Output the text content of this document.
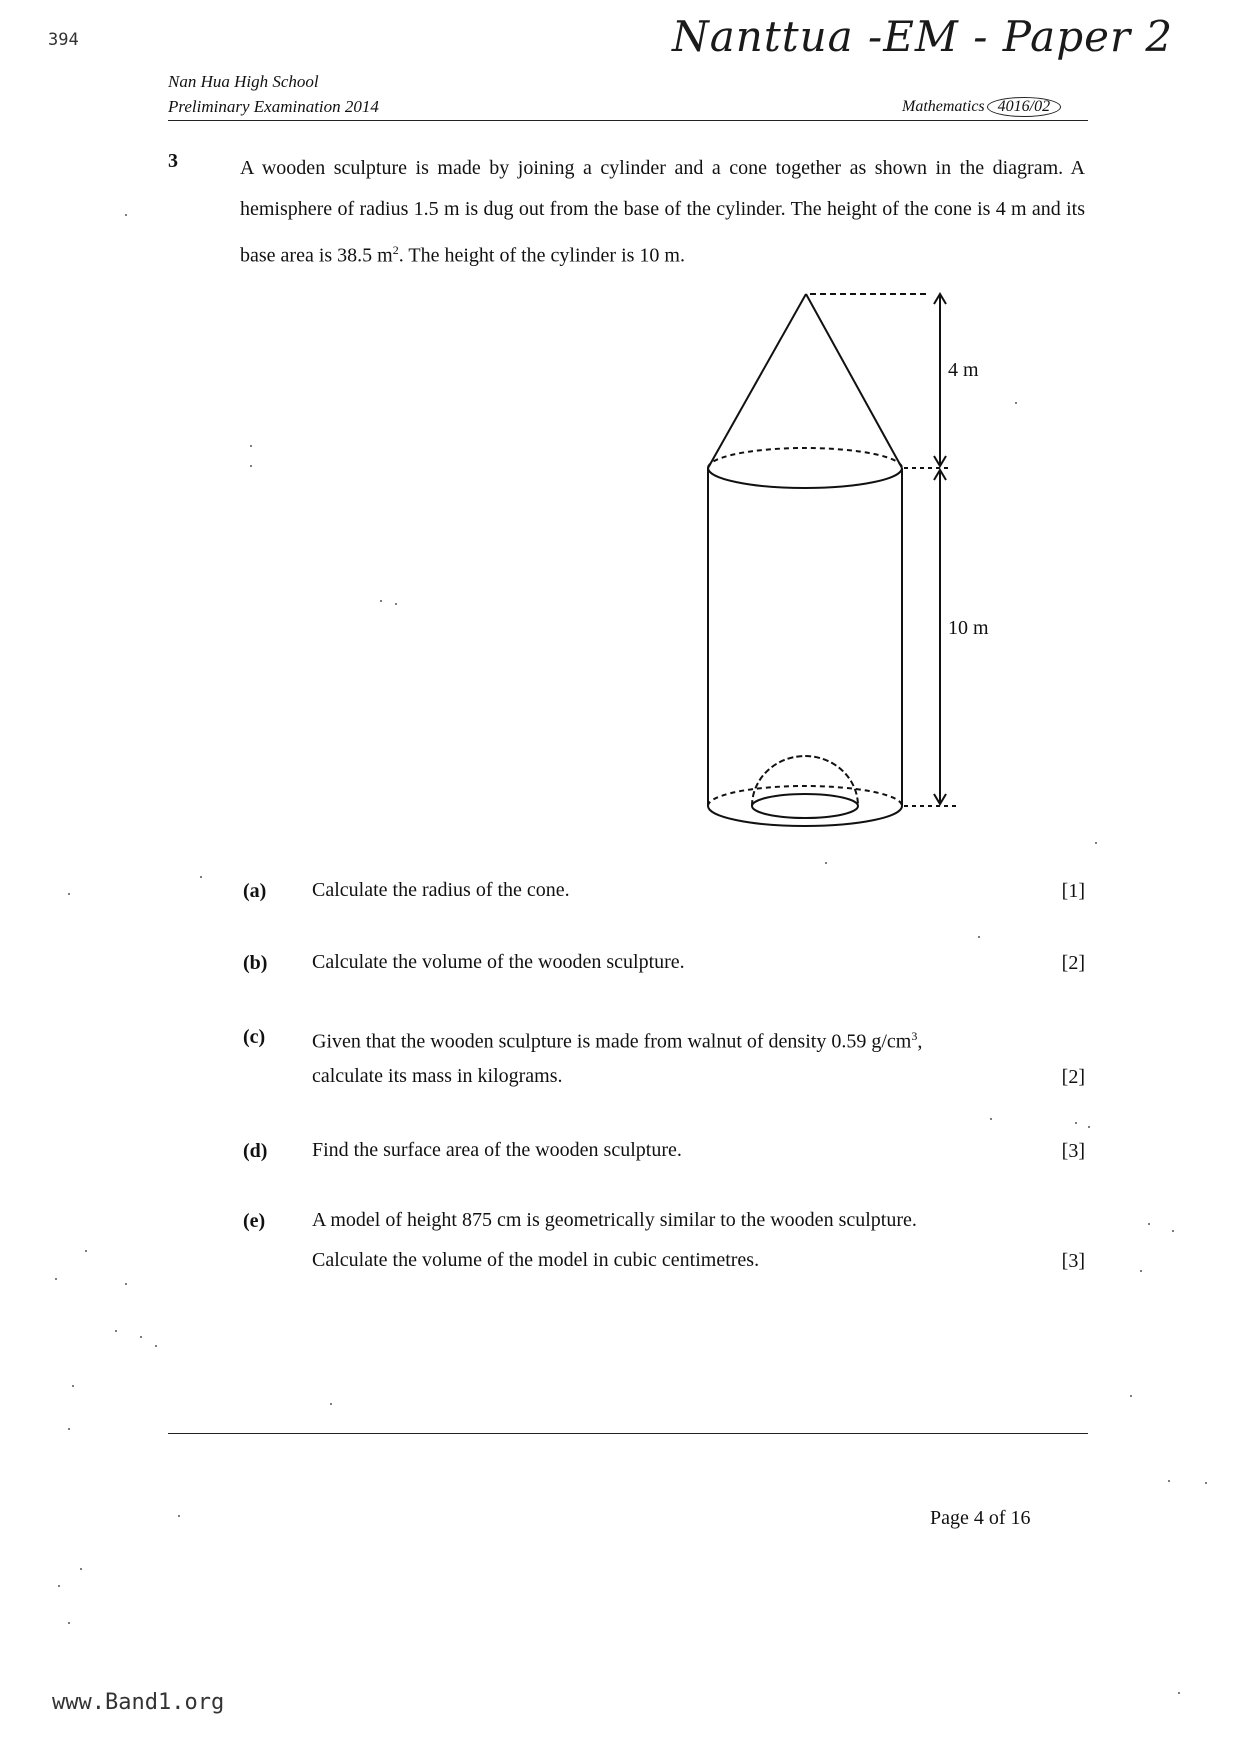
394	Nanttua -EM - Paper 2
Nan Hua High School
Preliminary Examination 2014	Mathematics 4016/02
3	A wooden sculpture is made by joining a cylinder and a cone together as shown in the diagram. A hemisphere of radius 1.5 m is dug out from the base of the cylinder. The height of the cone is 4 m and its base area is 38.5 $m^2$. The height of the cylinder is 10 m.
4 m
10 m
(a) Calculate the radius of the cone.	[1]
(b) Calculate the volume of the wooden sculpture.	[2]
(c) Given that the wooden sculpture is made from walnut of density 0.59 $g/cm^3$,
calculate its mass in kilograms.	[2]
(d) Find the surface area of the wooden sculpture.	[3]
(e) A model of height 875 cm is geometrically similar to the wooden sculpture.
Calculate the volume of the model in cubic centimetres.	[3]
Page 4 of 16
www.Band1.org
